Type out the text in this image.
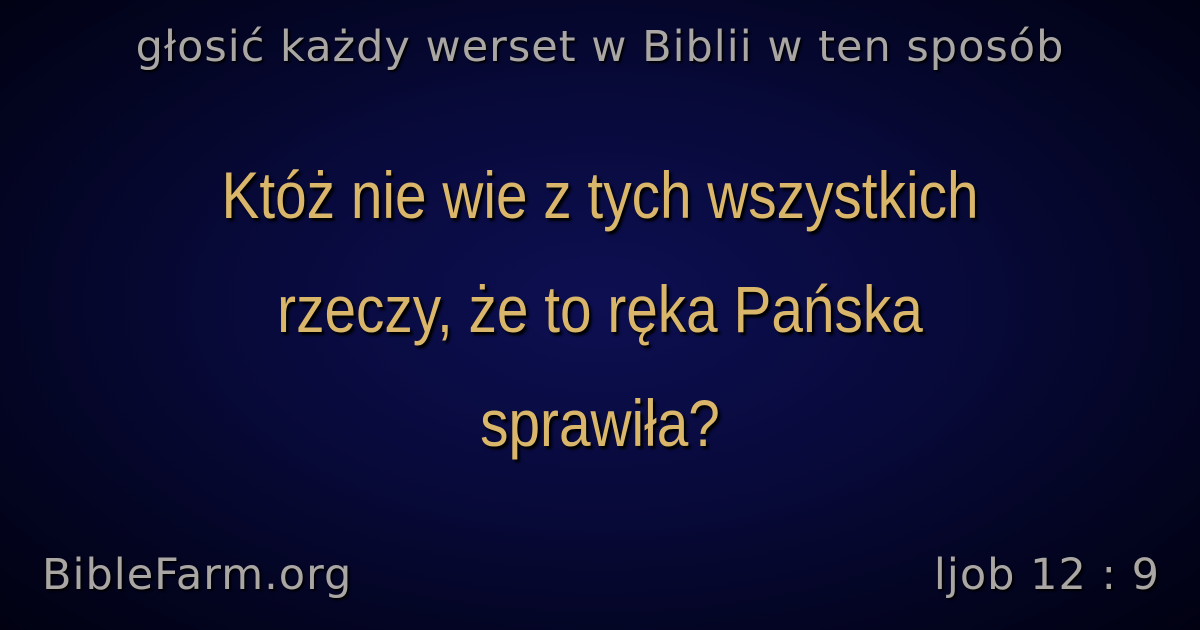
głosić każdy werset w Biblii w ten sposób
Któż nie wie z tych wszystkich rzeczy, że to ręka Pańska sprawiła?
BibleFarm.org	ljob 12 : 9
